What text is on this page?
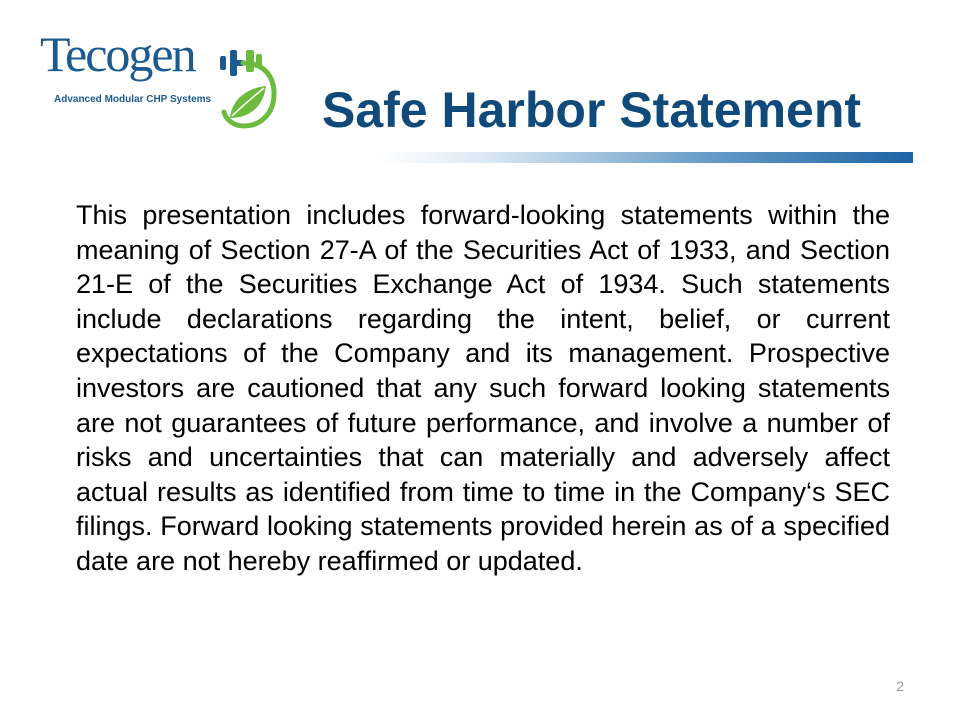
Tecogen
Advanced Modular CHP Systems Safe Harbor Statement

This presentation includes forward-looking statements within the meaning of Section 27-A of the Securities Act of 1933, and Section 21-E of the Securities Exchange Act of 1934. Such statements include declarations regarding the intent, belief, or current expectations of the Company and its management. Prospective investors are cautioned that any such forward looking statements are not guarantees of future performance, and involve a number of risks and uncertainties that can materially and adversely affect actual results as identified from time to time in the Company‘s SEC filings. Forward looking statements provided herein as of a specified date are not hereby reaffirmed or updated.

2
